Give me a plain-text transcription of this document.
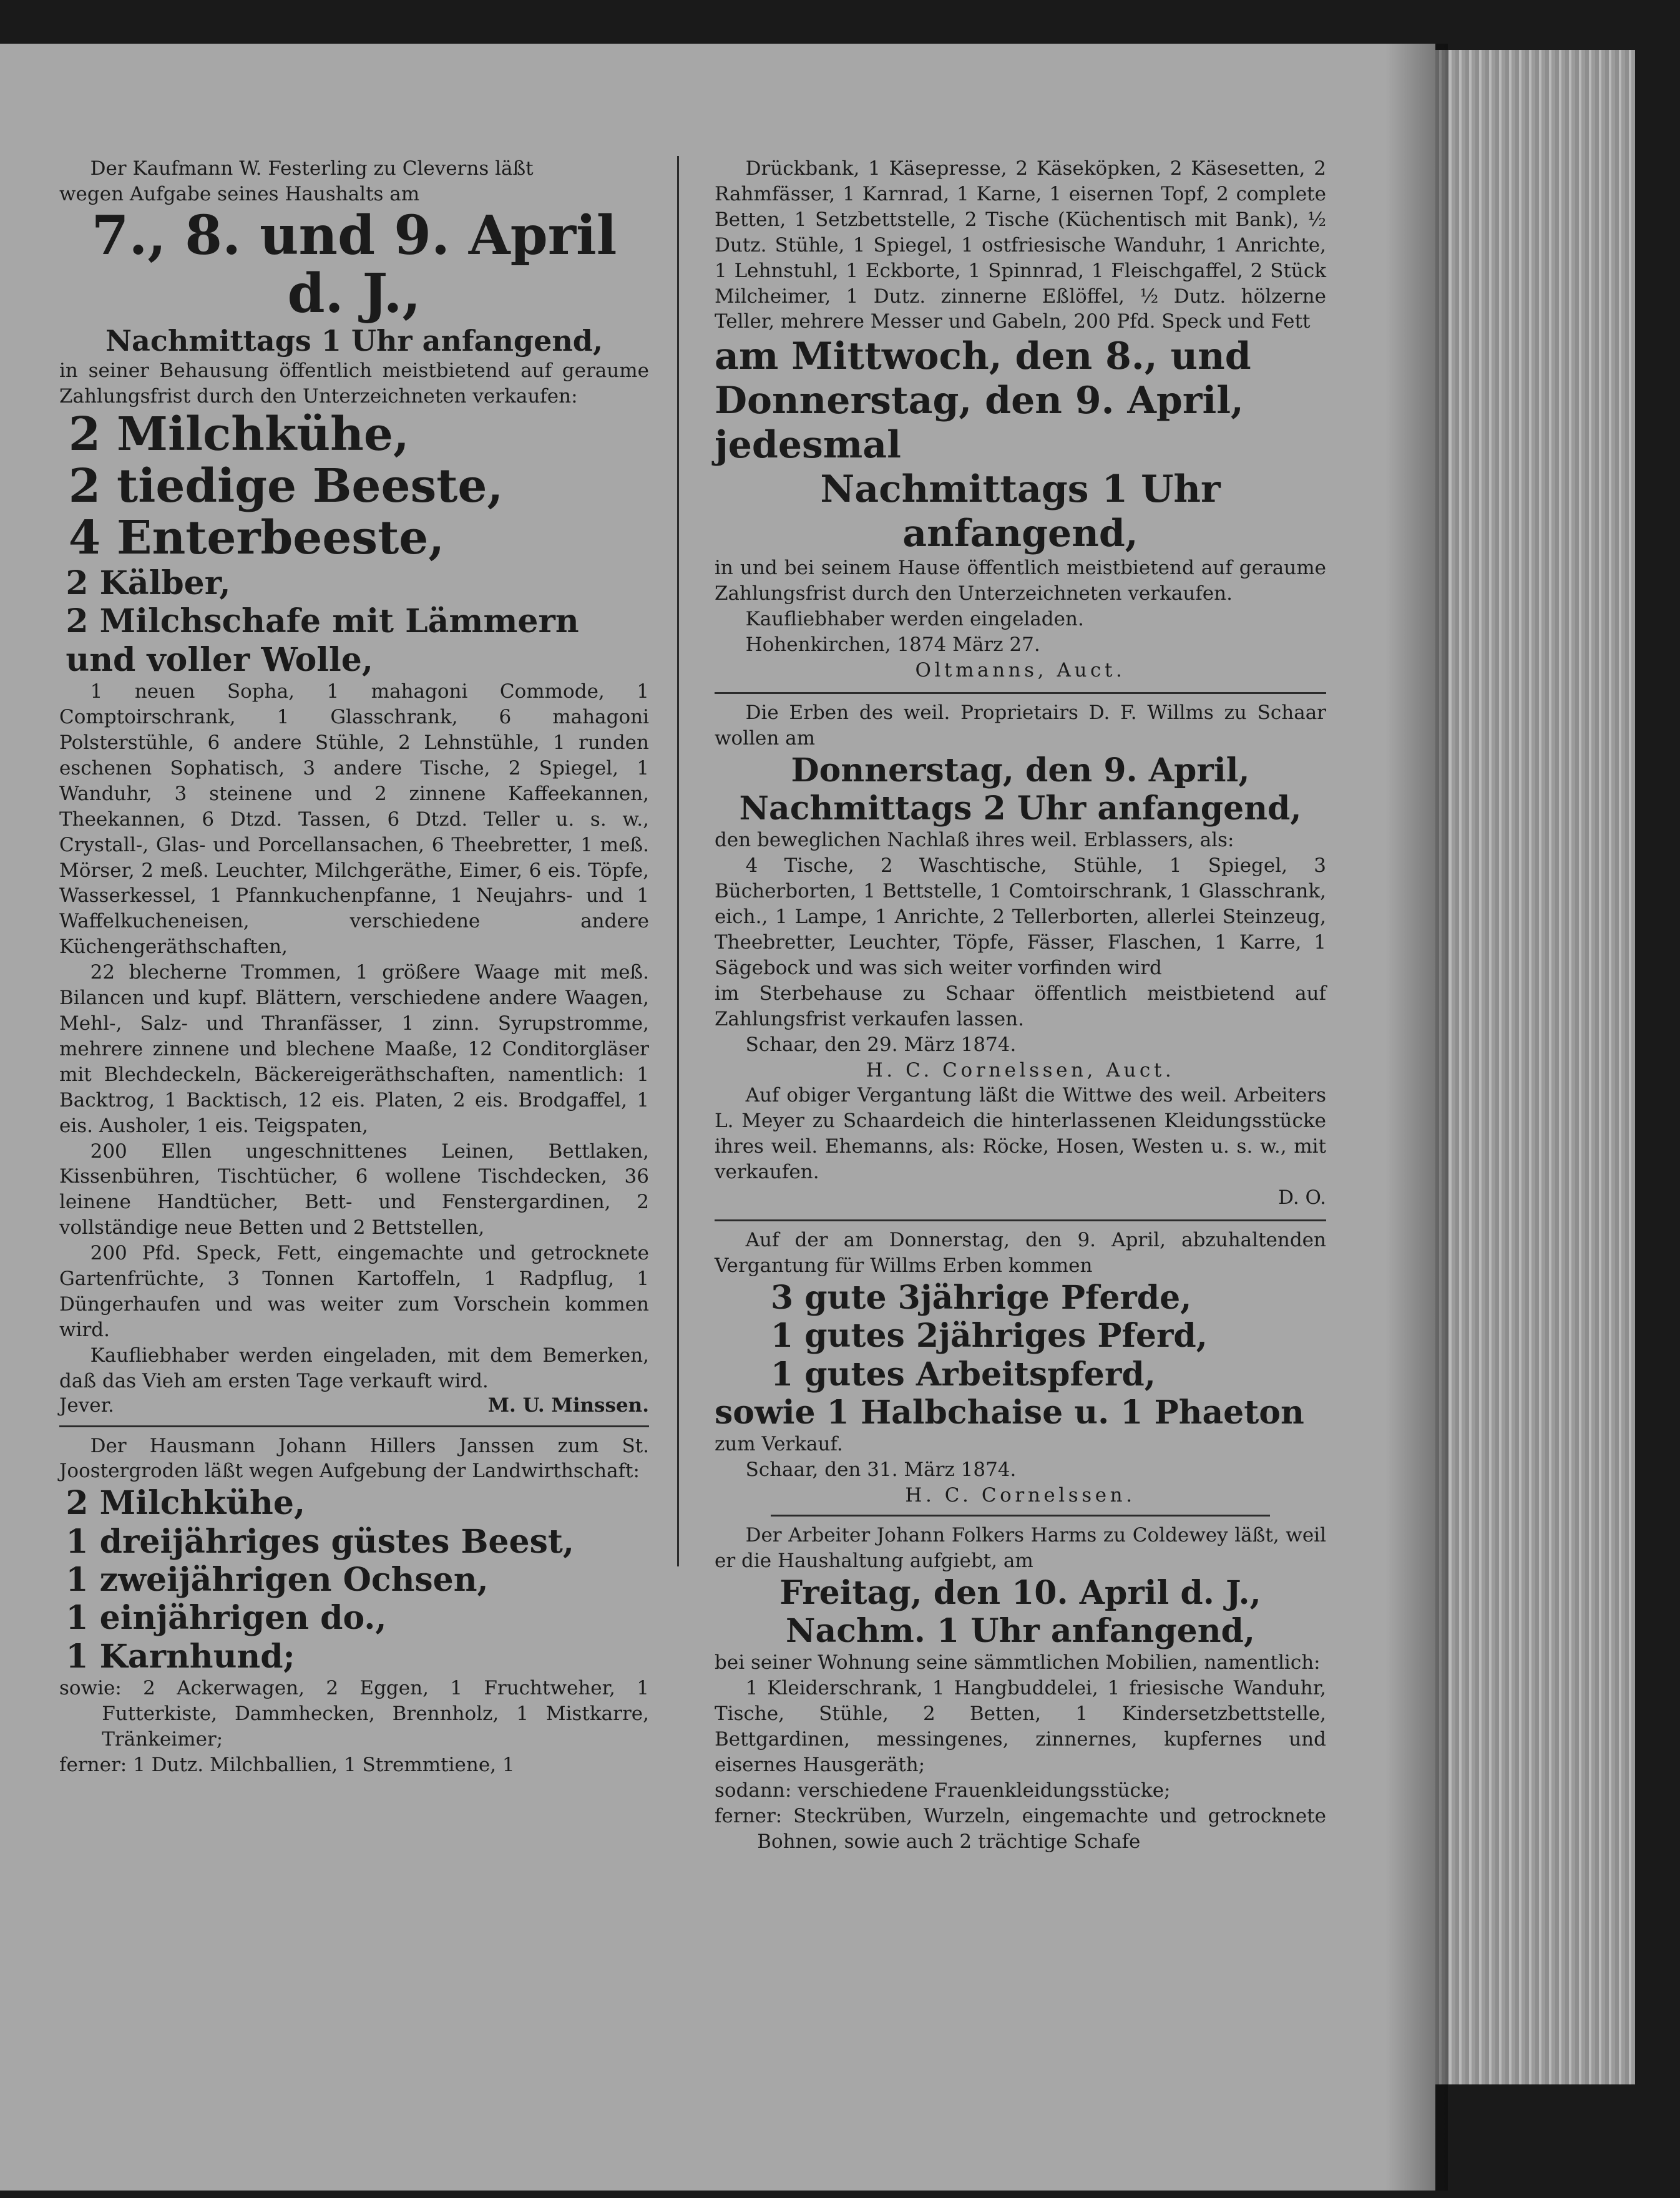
Der Kaufmann W. Festerling zu Cleverns läßt

wegen Aufgabe seines Haushalts am

7., 8. und 9. April d. J.,

Nachmittags 1 Uhr anfangend,

in seiner Behausung öffentlich meistbietend auf geraume Zahlungsfrist durch den Unterzeichneten verkaufen:

2 Milchkühe,

2 tiedige Beeste,

4 Enterbeeste,

2 Kälber,

2 Milchschafe mit Lämmern und voller Wolle,

1 neuen Sopha, 1 mahagoni Commode, 1 Comptoirschrank, 1 Glasschrank, 6 mahagoni Polsterstühle, 6 andere Stühle, 2 Lehnstühle, 1 runden eschenen Sophatisch, 3 andere Tische, 2 Spiegel, 1 Wanduhr, 3 steinene und 2 zinnene Kaffeekannen, Theekannen, 6 Dtzd. Tassen, 6 Dtzd. Teller u. s. w., Crystall-, Glas- und Porcellansachen, 6 Theebretter, 1 meß. Mörser, 2 meß. Leuchter, Milchgeräthe, Eimer, 6 eis. Töpfe, Wasserkessel, 1 Pfannkuchenpfanne, 1 Neujahrs- und 1 Waffelkucheneisen, verschiedene andere Küchengeräthschaften,

22 blecherne Trommen, 1 größere Waage mit meß. Bilancen und kupf. Blättern, verschiedene andere Waagen, Mehl-, Salz- und Thranfässer, 1 zinn. Syrupstromme, mehrere zinnene und blechene Maaße, 12 Conditorgläser mit Blechdeckeln, Bäckereigeräthschaften, namentlich: 1 Backtrog, 1 Backtisch, 12 eis. Platen, 2 eis. Brodgaffel, 1 eis. Ausholer, 1 eis. Teigspaten,

200 Ellen ungeschnittenes Leinen, Bettlaken, Kissenbühren, Tischtücher, 6 wollene Tischdecken, 36 leinene Handtücher, Bett- und Fenstergardinen, 2 vollständige neue Betten und 2 Bettstellen,

200 Pfd. Speck, Fett, eingemachte und getrocknete Gartenfrüchte, 3 Tonnen Kartoffeln, 1 Radpflug, 1 Düngerhaufen und was weiter zum Vorschein kommen wird.

Kaufliebhaber werden eingeladen, mit dem Bemerken, daß das Vieh am ersten Tage verkauft wird.

Jever.	M. U. Minssen.

Der Hausmann Johann Hillers Janssen zum St. Joostergroden läßt wegen Aufgebung der Landwirthschaft:

2 Milchkühe,

1 dreijähriges güstes Beest,

1 zweijährigen Ochsen,

1 einjährigen do.,

1 Karnhund;

sowie: 2 Ackerwagen, 2 Eggen, 1 Fruchtweher, 1 Futterkiste, Dammhecken, Brennholz, 1 Mistkarre, Tränkeimer;

ferner: 1 Dutz. Milchballien, 1 Stremmtiene, 1

Drückbank, 1 Käsepresse, 2 Käseköpken, 2 Käsesetten, 2 Rahmfässer, 1 Karnrad, 1 Karne, 1 eisernen Topf, 2 complete Betten, 1 Setzbettstelle, 2 Tische (Küchentisch mit Bank), ½ Dutz. Stühle, 1 Spiegel, 1 ostfriesische Wanduhr, 1 Anrichte, 1 Lehnstuhl, 1 Eckborte, 1 Spinnrad, 1 Fleischgaffel, 2 Stück Milcheimer, 1 Dutz. zinnerne Eßlöffel, ½ Dutz. hölzerne Teller, mehrere Messer und Gabeln, 200 Pfd. Speck und Fett

am Mittwoch, den 8., und Donnerstag, den 9. April, jedesmal

Nachmittags 1 Uhr anfangend,

in und bei seinem Hause öffentlich meistbietend auf geraume Zahlungsfrist durch den Unterzeichneten verkaufen.

Kaufliebhaber werden eingeladen.

Hohenkirchen, 1874 März 27.

Oltmanns, Auct.

Die Erben des weil. Proprietairs D. F. Willms zu Schaar wollen am

Donnerstag, den 9. April,

Nachmittags 2 Uhr anfangend,

den beweglichen Nachlaß ihres weil. Erblassers, als:

4 Tische, 2 Waschtische, Stühle, 1 Spiegel, 3 Bücherborten, 1 Bettstelle, 1 Comtoirschrank, 1 Glasschrank, eich., 1 Lampe, 1 Anrichte, 2 Tellerborten, allerlei Steinzeug, Theebretter, Leuchter, Töpfe, Fässer, Flaschen, 1 Karre, 1 Sägebock und was sich weiter vorfinden wird

im Sterbehause zu Schaar öffentlich meistbietend auf Zahlungsfrist verkaufen lassen.

Schaar, den 29. März 1874.

H. C. Cornelssen, Auct.

Auf obiger Vergantung läßt die Wittwe des weil. Arbeiters L. Meyer zu Schaardeich die hinterlassenen Kleidungsstücke ihres weil. Ehemanns, als: Röcke, Hosen, Westen u. s. w., mit verkaufen.

D. O.

Auf der am Donnerstag, den 9. April, abzuhaltenden Vergantung für Willms Erben kommen

3 gute 3jährige Pferde,

1 gutes 2jähriges Pferd,

1 gutes Arbeitspferd,

sowie 1 Halbchaise u. 1 Phaeton

zum Verkauf.

Schaar, den 31. März 1874.

H. C. Cornelssen.

Der Arbeiter Johann Folkers Harms zu Coldewey läßt, weil er die Haushaltung aufgiebt, am

Freitag, den 10. April d. J.,

Nachm. 1 Uhr anfangend,

bei seiner Wohnung seine sämmtlichen Mobilien, namentlich:

1 Kleiderschrank, 1 Hangbuddelei, 1 friesische Wanduhr, Tische, Stühle, 2 Betten, 1 Kindersetzbettstelle, Bettgardinen, messingenes, zinnernes, kupfernes und eisernes Hausgeräth;

sodann: verschiedene Frauenkleidungsstücke;

ferner: Steckrüben, Wurzeln, eingemachte und getrocknete Bohnen, sowie auch 2 trächtige Schafe
